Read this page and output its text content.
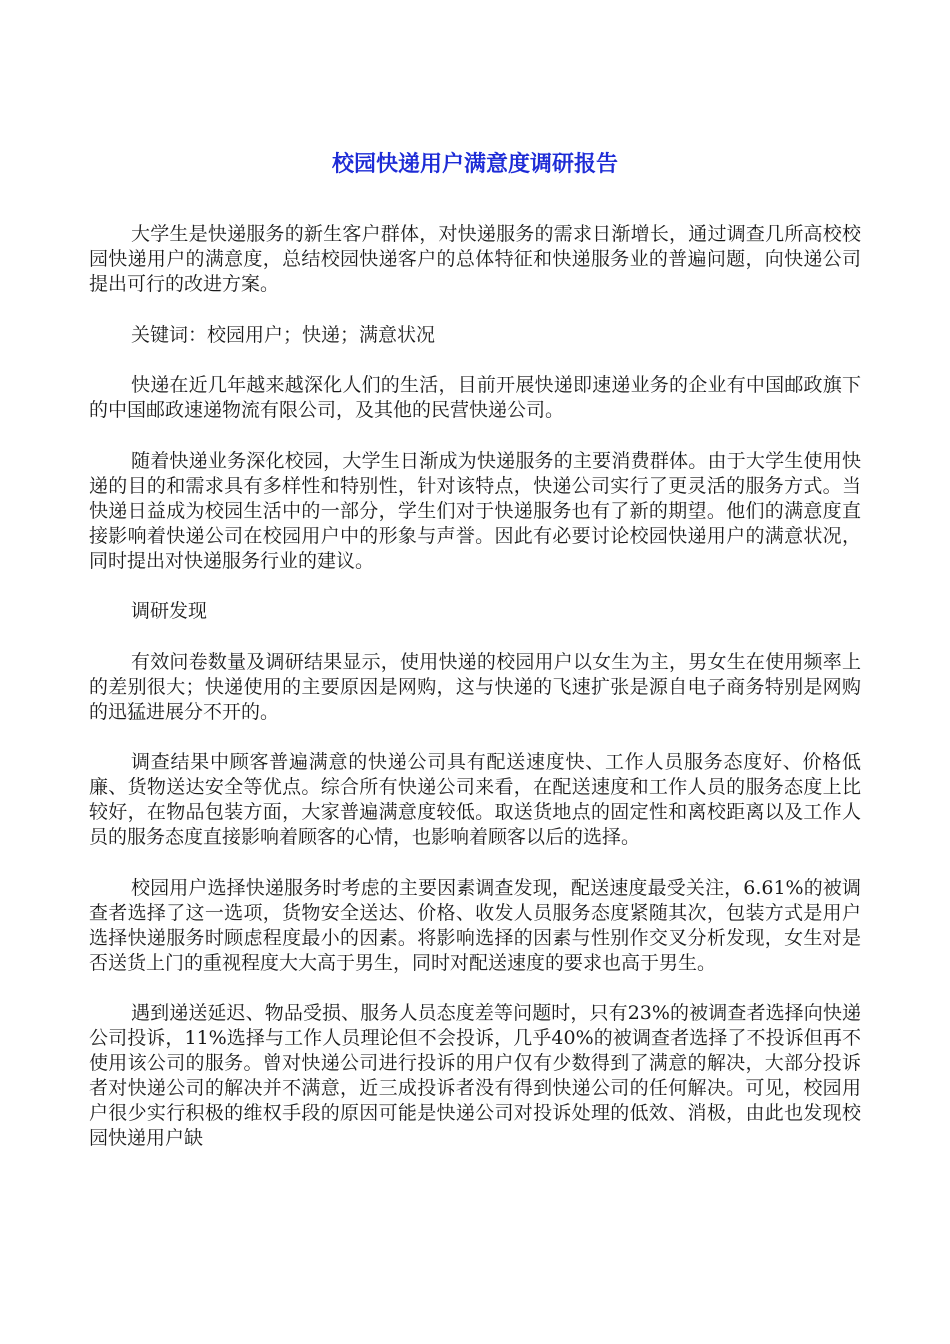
校园快递用户满意度调研报告

大学生是快递服务的新生客户群体，对快递服务的需求日渐增长，通过调查几所高校校园快递用户的满意度，总结校园快递客户的总体特征和快递服务业的普遍问题，向快递公司提出可行的改进方案。

关键词：校园用户；快递；满意状况

快递在近几年越来越深化人们的生活，目前开展快递即速递业务的企业有中国邮政旗下的中国邮政速递物流有限公司，及其他的民营快递公司。

随着快递业务深化校园，大学生日渐成为快递服务的主要消费群体。由于大学生使用快递的目的和需求具有多样性和特别性，针对该特点，快递公司实行了更灵活的服务方式。当快递日益成为校园生活中的一部分，学生们对于快递服务也有了新的期望。他们的满意度直接影响着快递公司在校园用户中的形象与声誉。因此有必要讨论校园快递用户的满意状况，同时提出对快递服务行业的建议。

调研发现

有效问卷数量及调研结果显示，使用快递的校园用户以女生为主，男女生在使用频率上的差别很大；快递使用的主要原因是网购，这与快递的飞速扩张是源自电子商务特别是网购的迅猛进展分不开的。

调查结果中顾客普遍满意的快递公司具有配送速度快、工作人员服务态度好、价格低廉、货物送达安全等优点。综合所有快递公司来看，在配送速度和工作人员的服务态度上比较好，在物品包装方面，大家普遍满意度较低。取送货地点的固定性和离校距离以及工作人员的服务态度直接影响着顾客的心情，也影响着顾客以后的选择。

校园用户选择快递服务时考虑的主要因素调查发现，配送速度最受关注，6.61%的被调查者选择了这一选项，货物安全送达、价格、收发人员服务态度紧随其次，包装方式是用户选择快递服务时顾虑程度最小的因素。将影响选择的因素与性别作交叉分析发现，女生对是否送货上门的重视程度大大高于男生，同时对配送速度的要求也高于男生。

遇到递送延迟、物品受损、服务人员态度差等问题时，只有23%的被调查者选择向快递公司投诉，11%选择与工作人员理论但不会投诉，几乎40%的被调查者选择了不投诉但再不使用该公司的服务。曾对快递公司进行投诉的用户仅有少数得到了满意的解决，大部分投诉者对快递公司的解决并不满意，近三成投诉者没有得到快递公司的任何解决。可见，校园用户很少实行积极的维权手段的原因可能是快递公司对投诉处理的低效、消极，由此也发现校园快递用户缺
